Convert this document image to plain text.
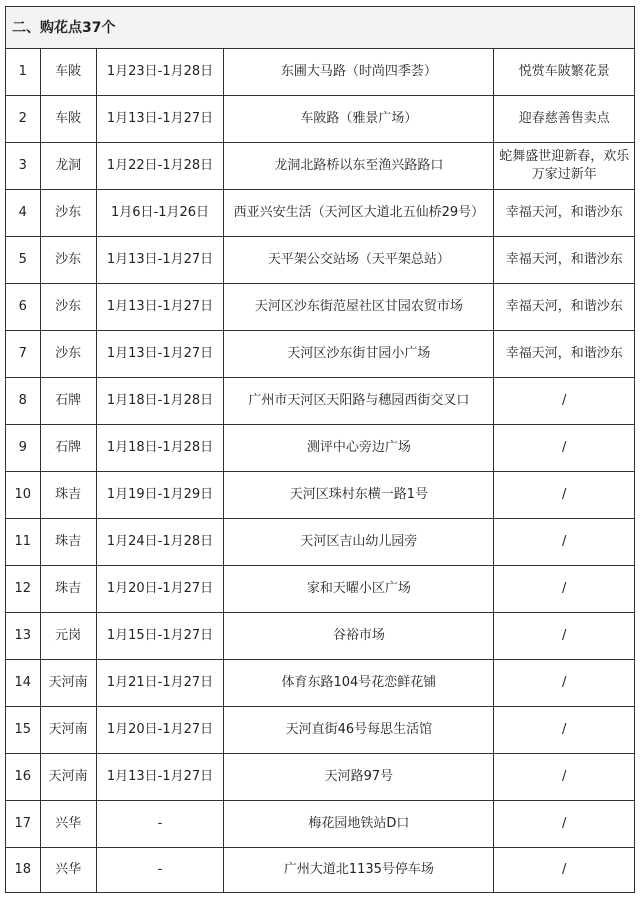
二、购花点37个				
1	车陂	1月23日-1月28日	东圃大马路（时尚四季荟）	悦赏车陂繁花景
2	车陂	1月13日-1月27日	车陂路（雅景广场）	迎春慈善售卖点
3	龙洞	1月22日-1月28日	龙洞北路桥以东至渔兴路路口	蛇舞盛世迎新春，欢乐万家过新年
4	沙东	1月6日-1月26日	西亚兴安生活（天河区大道北五仙桥29号）	幸福天河，和谐沙东
5	沙东	1月13日-1月27日	天平架公交站场（天平架总站）	幸福天河，和谐沙东
6	沙东	1月13日-1月27日	天河区沙东街范屋社区甘园农贸市场	幸福天河，和谐沙东
7	沙东	1月13日-1月27日	天河区沙东街甘园小广场	幸福天河，和谐沙东
8	石牌	1月18日-1月28日	广州市天河区天阳路与穗园西街交叉口	/
9	石牌	1月18日-1月28日	测评中心旁边广场	/
10	珠吉	1月19日-1月29日	天河区珠村东横一路1号	/
11	珠吉	1月24日-1月28日	天河区吉山幼儿园旁	/
12	珠吉	1月20日-1月27日	家和天曜小区广场	/
13	元岗	1月15日-1月27日	谷裕市场	/
14	天河南	1月21日-1月27日	体育东路104号花恋鲜花铺	/
15	天河南	1月20日-1月27日	天河直街46号每思生活馆	/
16	天河南	1月13日-1月27日	天河路97号	/
17	兴华	-	梅花园地铁站D口	/
18	兴华	-	广州大道北1135号停车场	/
